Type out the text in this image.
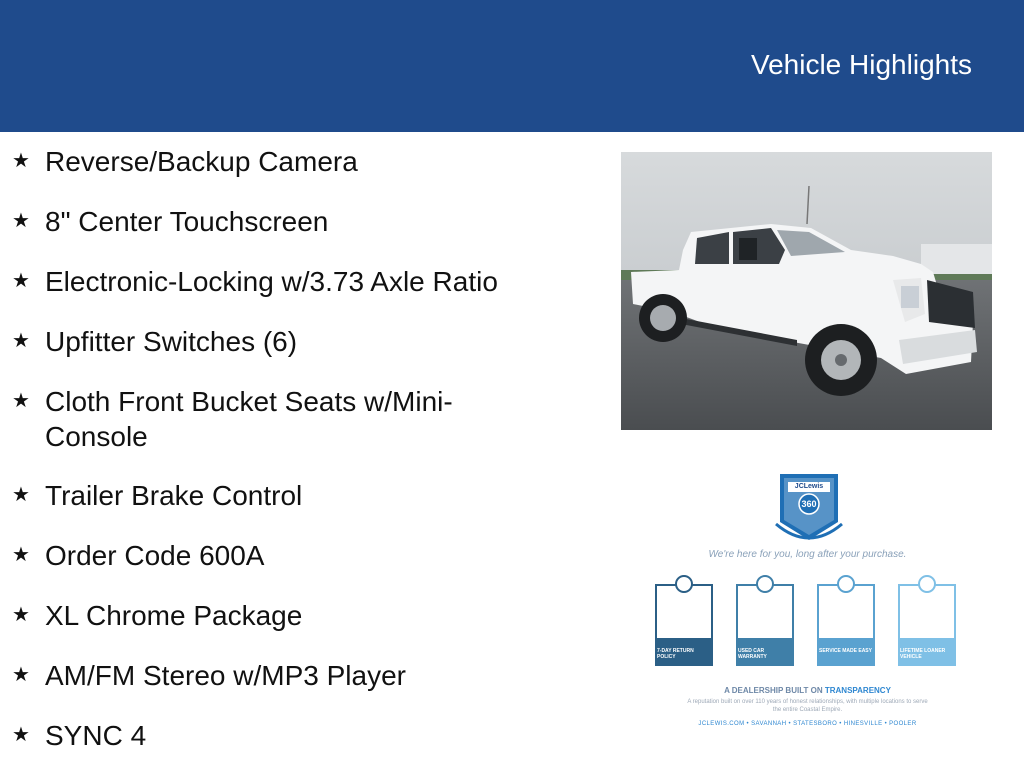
Vehicle Highlights
★ Reverse/Backup Camera
★ 8" Center Touchscreen
★ Electronic-Locking w/3.73 Axle Ratio
★ Upfitter Switches (6)
★ Cloth Front Bucket Seats w/Mini-Console
★ Trailer Brake Control
★ Order Code 600A
★ XL Chrome Package
★ AM/FM Stereo w/MP3 Player
★ SYNC 4
JCLewis
360
We're here for you, long after your purchase.
7-DAY RETURN POLICY
USED CAR WARRANTY
SERVICE MADE EASY	LIFETIME LOANER VEHICLE
A DEALERSHIP BUILT ON TRANSPARENCY
A reputation built on over 110 years of honest relationships, with multiple locations to serve the entire Coastal Empire.
JCLEWIS.COM • SAVANNAH • STATESBORO • HINESVILLE • POOLER
